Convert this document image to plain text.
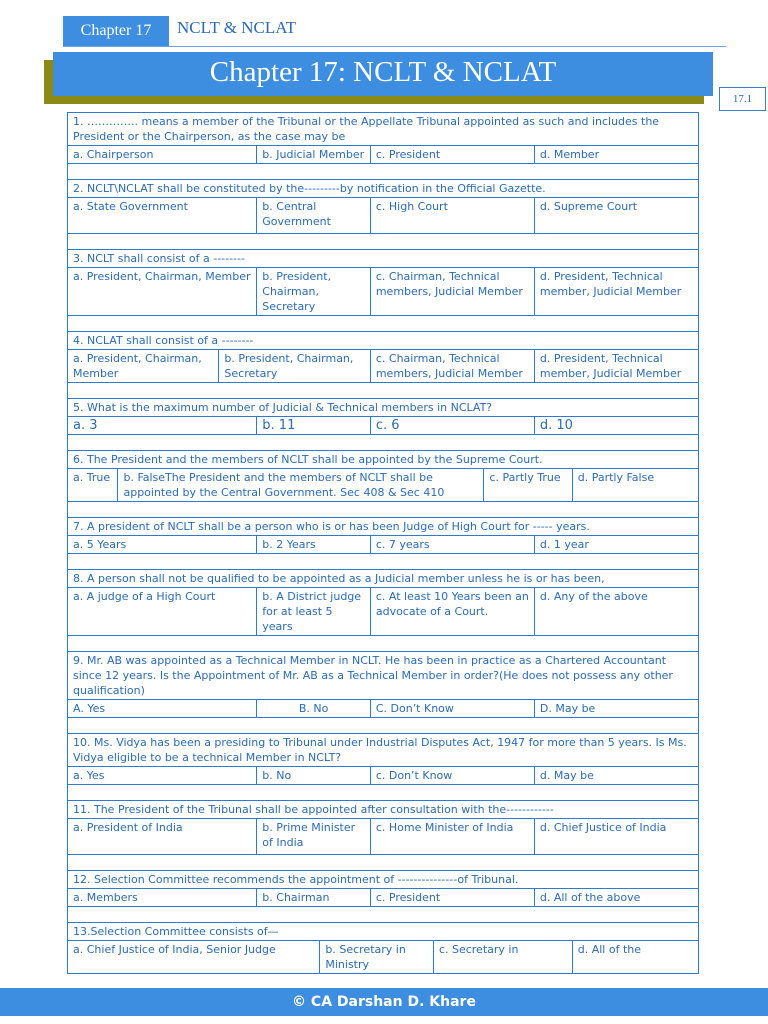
Chapter 17	NCLT & NCLAT
Chapter 17: NCLT & NCLAT
17.1
1. ………….. means a member of the Tribunal or the Appellate Tribunal appointed as such and includes the President or the Chairperson, as the case may be									
a. Chairperson			b. Judicial Member		c. President			d. Member	

2. NCLT\NCLAT shall be constituted by the---------by notification in the Official Gazette.									
a. State Government			b. Central Government		c. High Court			d. Supreme Court	

3. NCLT shall consist of a --------									
a. President, Chairman, Member			b. President, Chairman, Secretary		c. Chairman, Technical members, Judicial Member			d. President, Technical member, Judicial Member	

4. NCLAT shall consist of a --------									
a. President, Chairman, Member		b. President, Chairman, Secretary			c. Chairman, Technical members, Judicial Member			d. President, Technical member, Judicial Member	

5. What is the maximum number of Judicial & Technical members in NCLAT?									
a. 3			b. 11		c. 6			d. 10	

6. The President and the members of NCLT shall be appointed by the Supreme Court.									
a. True	b. FalseThe President and the members of NCLT shall be appointed by the Central Government. Sec 408 & Sec 410						c. Partly True		d. Partly False

7. A president of NCLT shall be a person who is or has been Judge of High Court for ----- years.									
a. 5 Years			b. 2 Years		c. 7 years			d. 1 year	

8. A person shall not be qualified to be appointed as a Judicial member unless he is or has been,									
a. A judge of a High Court			b. A District judge for at least 5 years		c. At least 10 Years been an advocate of a Court.			d. Any of the above	

9. Mr. AB was appointed as a Technical Member in NCLT. He has been in practice as a Chartered Accountant since 12 years. Is the Appointment of Mr. AB as a Technical Member in order?(He does not possess any other qualification)									
A. Yes			B. No		C. Don’t Know			D. May be	

10. Ms. Vidya has been a presiding to Tribunal under Industrial Disputes Act, 1947 for more than 5 years. Is Ms. Vidya eligible to be a technical Member in NCLT?									
a. Yes			b. No		c. Don’t Know			d. May be	

11. The President of the Tribunal shall be appointed after consultation with the------------									
a. President of India			b. Prime Minister of India		c. Home Minister of India			d. Chief Justice of India	

12. Selection Committee recommends the appointment of ---------------of Tribunal.									
a. Members			b. Chairman		c. President			d. All of the above	

13.Selection Committee consists of—									
a. Chief Justice of India, Senior Judge				b. Secretary in Ministry		c. Secretary in			d. All of the
© CA Darshan D. Khare
